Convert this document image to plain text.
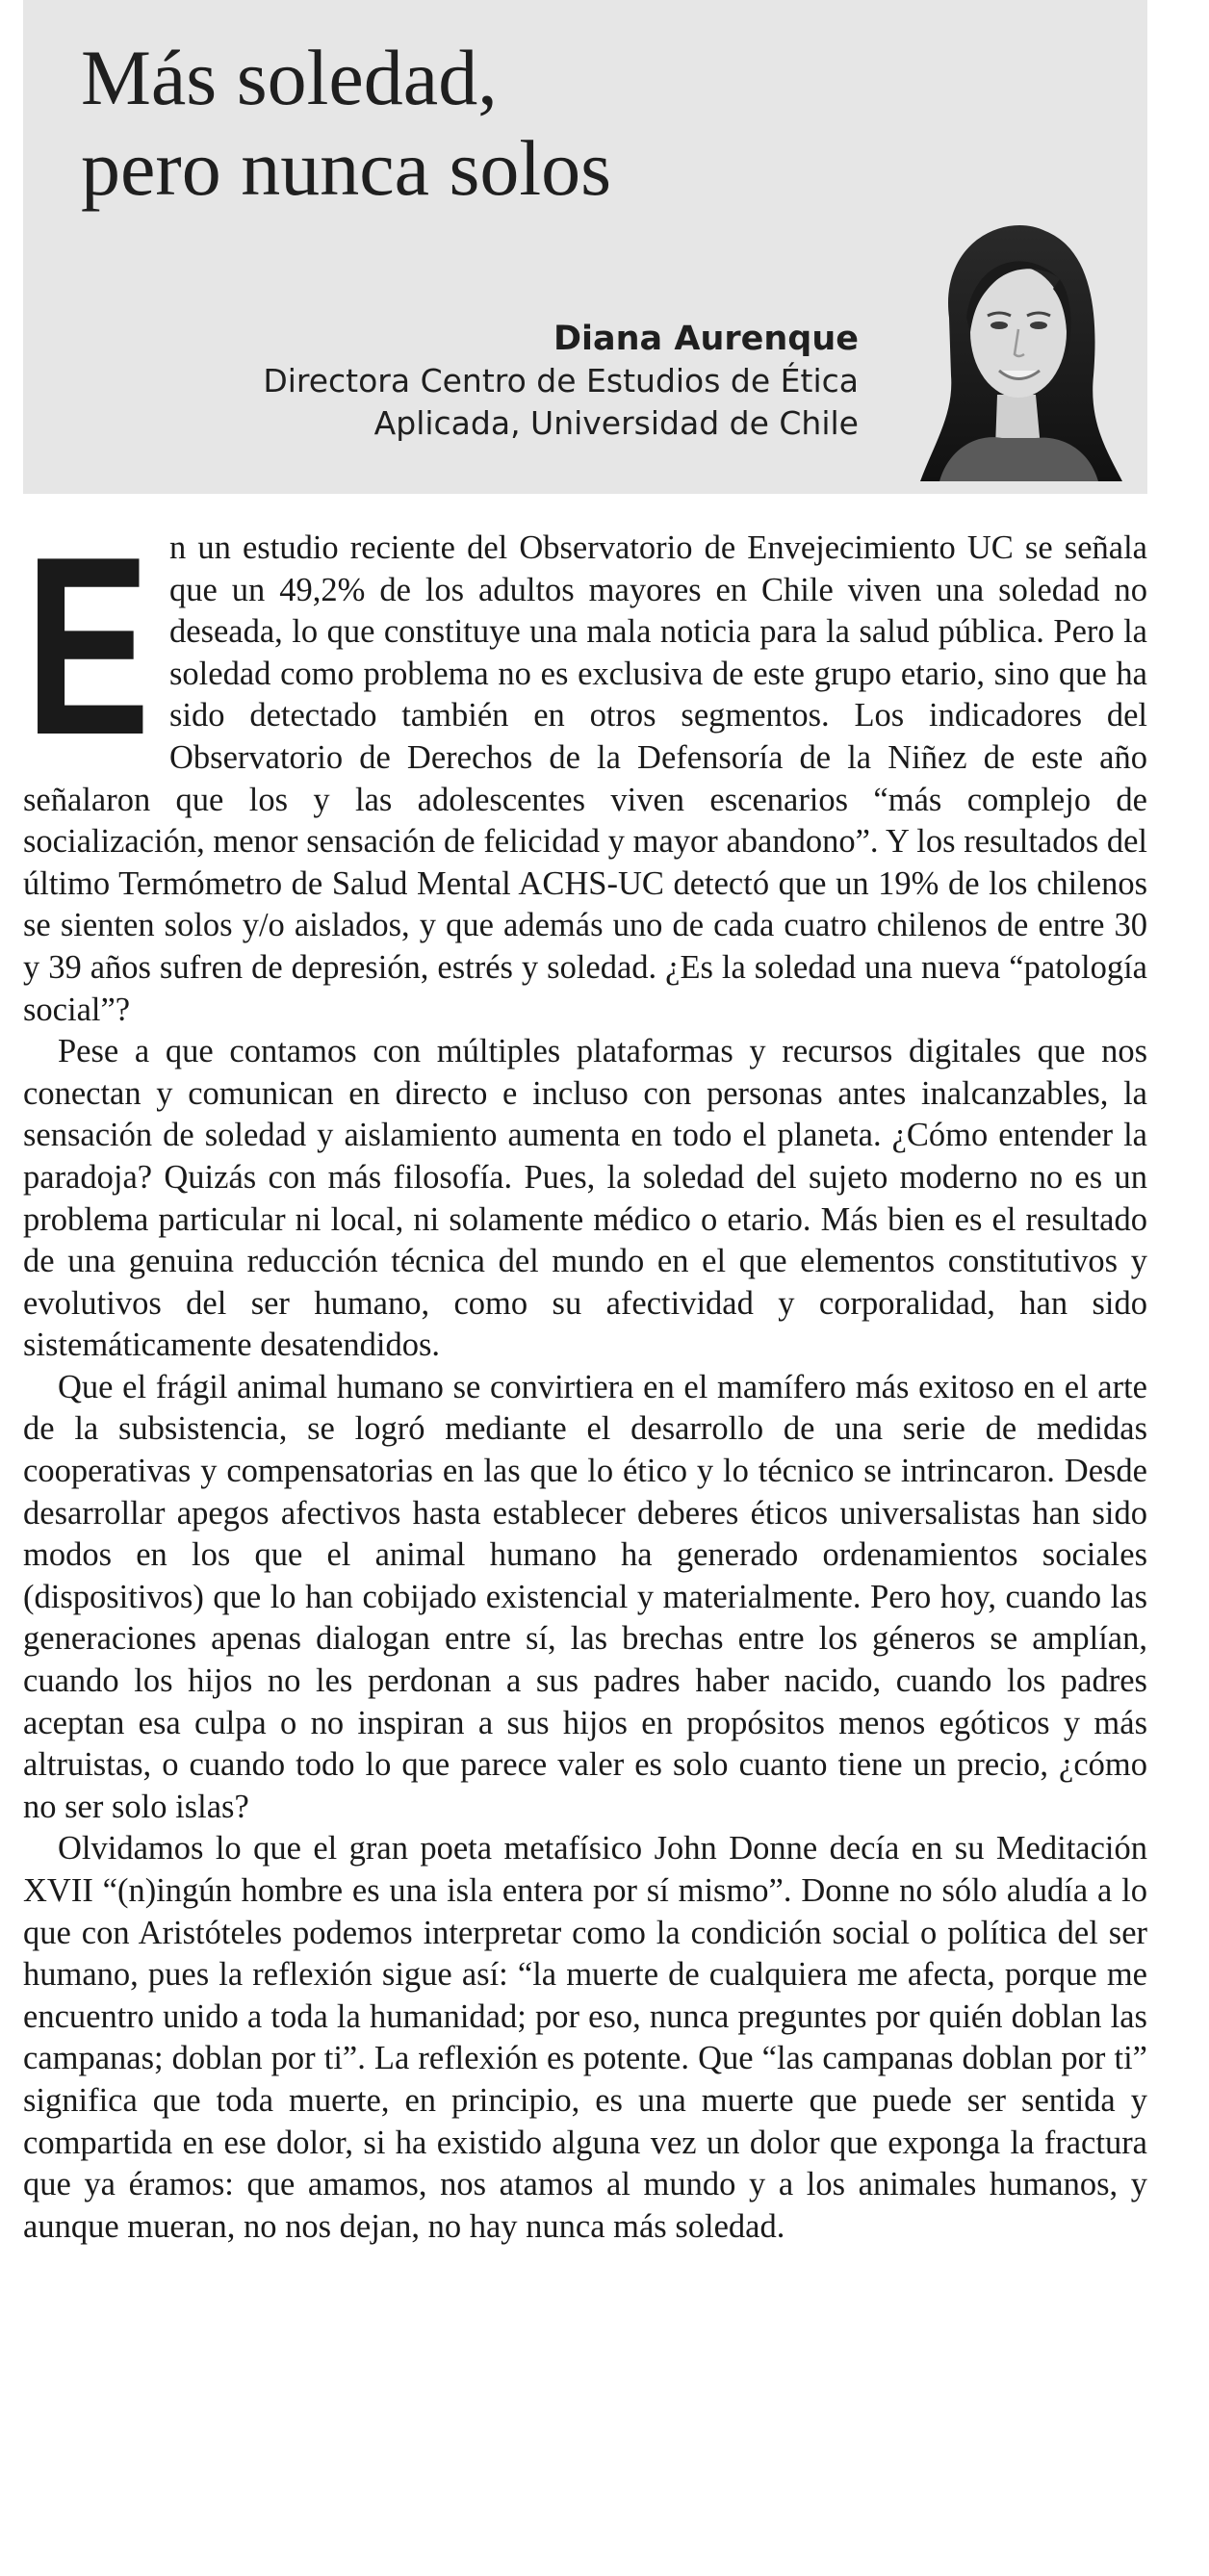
Más soledad,
pero nunca solos
Diana Aurenque
Directora Centro de Estudios de Ética
Aplicada, Universidad de Chile

E n un estudio reciente del Observatorio de Envejecimiento UC se señala que un 49,2% de los adultos mayores en Chile viven una soledad no deseada, lo que constituye una mala noticia para la salud pública. Pero la soledad como problema no es exclusiva de este grupo etario, sino que ha sido detectado también en otros segmentos. Los indicadores del Observatorio de Derechos de la Defensoría de la Niñez de este año señalaron que los y las adolescentes viven escenarios “más complejo de socialización, menor sensación de felicidad y mayor abandono”. Y los resultados del último Termómetro de Salud Mental ACHS-UC detectó que un 19% de los chilenos se sienten solos y/o aislados, y que además uno de cada cuatro chilenos de entre 30 y 39 años sufren de depresión, estrés y soledad. ¿Es la soledad una nueva “patología social”?

Pese a que contamos con múltiples plataformas y recursos digitales que nos conectan y comunican en directo e incluso con personas antes inalcanzables, la sensación de soledad y aislamiento aumenta en todo el planeta. ¿Cómo entender la paradoja? Quizás con más filosofía. Pues, la soledad del sujeto moderno no es un problema particular ni local, ni solamente médico o etario. Más bien es el resultado de una genuina reducción técnica del mundo en el que elementos constitutivos y evolutivos del ser humano, como su afectividad y corporalidad, han sido sistemáticamente desatendidos.

Que el frágil animal humano se convirtiera en el mamífero más exitoso en el arte de la subsistencia, se logró mediante el desarrollo de una serie de medidas cooperativas y compensatorias en las que lo ético y lo técnico se intrincaron. Desde desarrollar apegos afectivos hasta establecer deberes éticos universalistas han sido modos en los que el animal humano ha generado ordenamientos sociales (dispositivos) que lo han cobijado existencial y materialmente. Pero hoy, cuando las generaciones apenas dialogan entre sí, las brechas entre los géneros se amplían, cuando los hijos no les perdonan a sus padres haber nacido, cuando los padres aceptan esa culpa o no inspiran a sus hijos en propósitos menos egóticos y más altruistas, o cuando todo lo que parece valer es solo cuanto tiene un precio, ¿cómo no ser solo islas?

Olvidamos lo que el gran poeta metafísico John Donne decía en su Meditación XVII “(n)ingún hombre es una isla entera por sí mismo”. Donne no sólo aludía a lo que con Aristóteles podemos interpretar como la condición social o política del ser humano, pues la reflexión sigue así: “la muerte de cualquiera me afecta, porque me encuentro unido a toda la humanidad; por eso, nunca preguntes por quién doblan las campanas; doblan por ti”. La reflexión es potente. Que “las campanas doblan por ti” significa que toda muerte, en principio, es una muerte que puede ser sentida y compartida en ese dolor, si ha existido alguna vez un dolor que exponga la fractura que ya éramos: que amamos, nos atamos al mundo y a los animales humanos, y aunque mueran, no nos dejan, no hay nunca más soledad.
